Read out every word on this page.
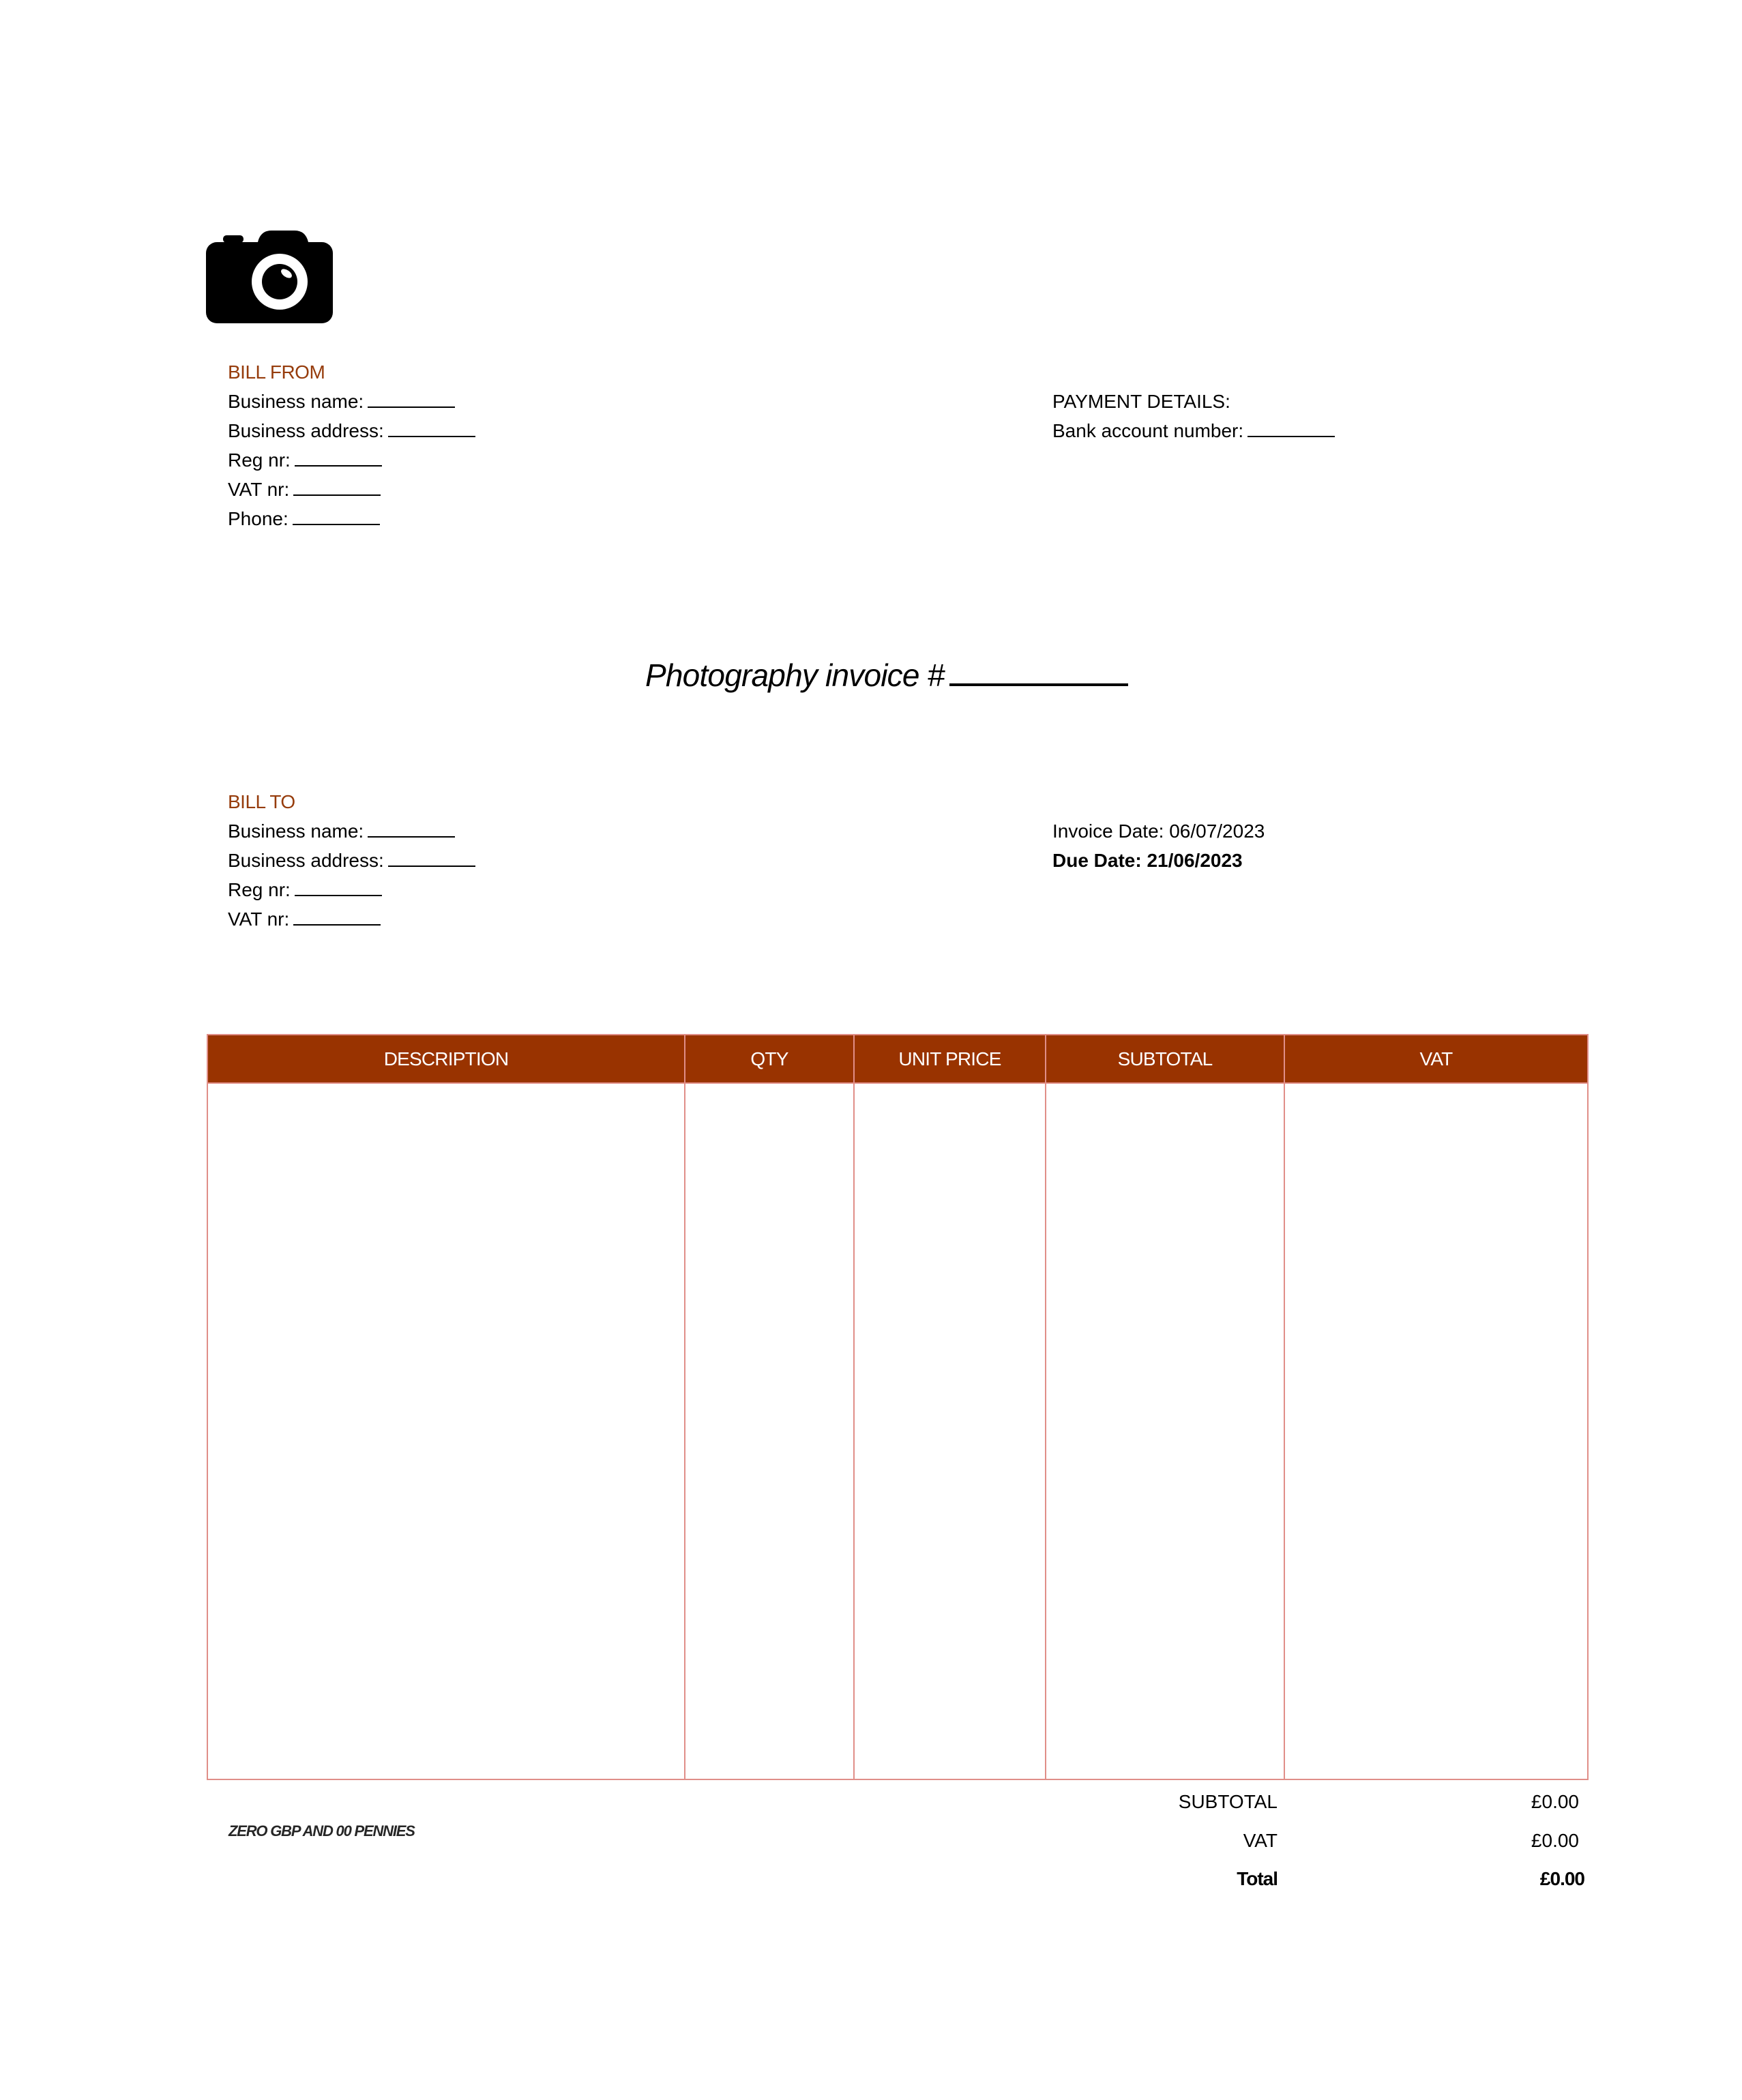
BILL FROM
Business name:
Business address:
Reg nr:
VAT nr:
Phone:
PAYMENT DETAILS:
Bank account number:
Photography invoice #
BILL TO
Business name:
Business address:
Reg nr:
VAT nr:
Invoice Date: 06/07/2023
Due Date: 21/06/2023
DESCRIPTION	QTY	UNIT PRICE	SUBTOTAL	VAT
ZERO GBP AND 00 PENNIES
SUBTOTAL	£0.00
VAT	£0.00
Total	£0.00
